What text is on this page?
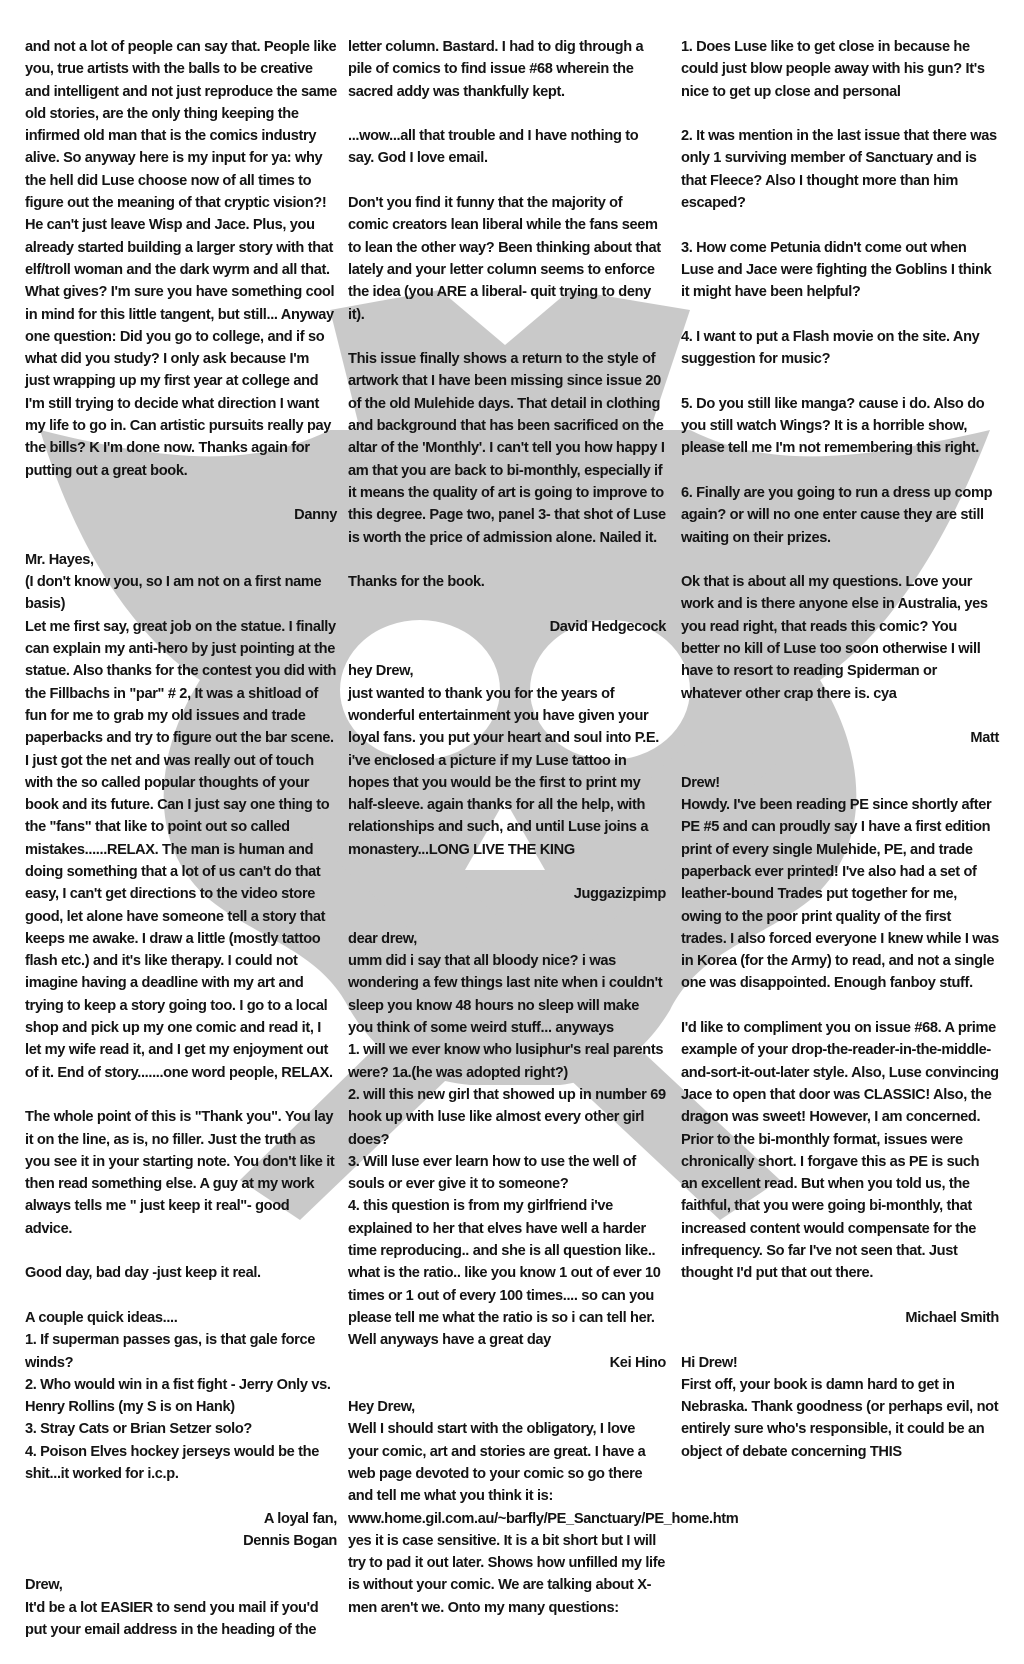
and not a lot of people can say that. People like you, true artists with the balls to be creative and intelligent and not just reproduce the same old stories, are the only thing keeping the infirmed old man that is the comics industry alive. So anyway here is my input for ya: why the hell did Luse choose now of all times to figure out the meaning of that cryptic vision?! He can't just leave Wisp and Jace. Plus, you already started building a larger story with that elf/troll woman and the dark wyrm and all that. What gives? I'm sure you have something cool in mind for this little tangent, but still... Anyway one question: Did you go to college, and if so what did you study? I only ask because I'm just wrapping up my first year at college and I'm still trying to decide what direction I want my life to go in. Can artistic pursuits really pay the bills? K I'm done now. Thanks again for putting out a great book.

Danny

Mr. Hayes,

(I don't know you, so I am not on a first name basis)
Let me first say, great job on the statue. I finally can explain my anti-hero by just pointing at the statue. Also thanks for the contest you did with the Fillbachs in "par" # 2, It was a shitload of fun for me to grab my old issues and trade paperbacks and try to figure out the bar scene. I just got the net and was really out of touch with the so called popular thoughts of your book and its future. Can I just say one thing to the "fans" that like to point out so called mistakes......RELAX. The man is human and doing something that a lot of us can't do that easy, I can't get directions to the video store good, let alone have someone tell a story that keeps me awake. I draw a little (mostly tattoo flash etc.) and it's like therapy. I could not imagine having a deadline with my art and trying to keep a story going too. I go to a local shop and pick up my one comic and read it, I let my wife read it, and I get my enjoyment out of it. End of story.......one word people, RELAX.

The whole point of this is "Thank you". You lay it on the line, as is, no filler. Just the truth as you see it in your starting note. You don't like it then read something else. A guy at my work always tells me " just keep it real"- good advice.

Good day, bad day -just keep it real.

A couple quick ideas....
1. If superman passes gas, is that gale force winds?
2. Who would win in a fist fight - Jerry Only vs. Henry Rollins (my S is on Hank)
3. Stray Cats or Brian Setzer solo?
4. Poison Elves hockey jerseys would be the shit...it worked for i.c.p.

A loyal fan,
Dennis Bogan

Drew,

It'd be a lot EASIER to send you mail if you'd put your email address in the heading of the

letter column. Bastard. I had to dig through a pile of comics to find issue #68 wherein the sacred addy was thankfully kept.

...wow...all that trouble and I have nothing to say. God I love email.

Don't you find it funny that the majority of comic creators lean liberal while the fans seem to lean the other way? Been thinking about that lately and your letter column seems to enforce the idea (you ARE a liberal- quit trying to deny it).

This issue finally shows a return to the style of artwork that I have been missing since issue 20 of the old Mulehide days. That detail in clothing and background that has been sacrificed on the altar of the 'Monthly'. I can't tell you how happy I am that you are back to bi-monthly, especially if it means the quality of art is going to improve to this degree. Page two, panel 3- that shot of Luse is worth the price of admission alone. Nailed it.

Thanks for the book.

David Hedgecock

hey Drew,

just wanted to thank you for the years of wonderful entertainment you have given your loyal fans. you put your heart and soul into P.E. i've enclosed a picture if my Luse tattoo in hopes that you would be the first to print my half-sleeve. again thanks for all the help, with relationships and such, and until Luse joins a monastery...LONG LIVE THE KING

Juggazizpimp

dear drew,

umm did i say that all bloody nice? i was wondering a few things last nite when i couldn't sleep you know 48 hours no sleep will make you think of some weird stuff... anyways
1. will we ever know who lusiphur's real parents were? 1a.(he was adopted right?)
2. will this new girl that showed up in number 69 hook up with luse like almost every other girl does?
3. Will luse ever learn how to use the well of souls or ever give it to someone?
4. this question is from my girlfriend i've explained to her that elves have well a harder time reproducing.. and she is all question like.. what is the ratio.. like you know 1 out of ever 10 times or 1 out of every 100 times.... so can you please tell me what the ratio is so i can tell her. Well anyways have a great day

Kei Hino

Hey Drew,

Well I should start with the obligatory, I love your comic, art and stories are great. I have a web page devoted to your comic so go there and tell me what you think it is:
www.home.gil.com.au/~barfly/PE_Sanctuary/PE_home.htm yes it is case sensitive. It is a bit short but I will try to pad it out later. Shows how unfilled my life is without your comic. We are talking about X-men aren't we. Onto my many questions:

1. Does Luse like to get close in because he could just blow people away with his gun? It's nice to get up close and personal

2. It was mention in the last issue that there was only 1 surviving member of Sanctuary and is that Fleece? Also I thought more than him escaped?

3. How come Petunia didn't come out when Luse and Jace were fighting the Goblins I think it might have been helpful?

4. I want to put a Flash movie on the site. Any suggestion for music?

5. Do you still like manga? cause i do. Also do you still watch Wings? It is a horrible show, please tell me I'm not remembering this right.

6. Finally are you going to run a dress up comp again? or will no one enter cause they are still waiting on their prizes.

Ok that is about all my questions. Love your work and is there anyone else in Australia, yes you read right, that reads this comic? You better no kill of Luse too soon otherwise I will have to resort to reading Spiderman or whatever other crap there is. cya

Matt

Drew!

Howdy. I've been reading PE since shortly after PE #5 and can proudly say I have a first edition print of every single Mulehide, PE, and trade paperback ever printed! I've also had a set of leather-bound Trades put together for me, owing to the poor print quality of the first trades. I also forced everyone I knew while I was in Korea (for the Army) to read, and not a single one was disappointed. Enough fanboy stuff.

I'd like to compliment you on issue #68. A prime example of your drop-the-reader-in-the-middle-and-sort-it-out-later style. Also, Luse convincing Jace to open that door was CLASSIC! Also, the dragon was sweet! However, I am concerned. Prior to the bi-monthly format, issues were chronically short. I forgave this as PE is such an excellent read. But when you told us, the faithful, that you were going bi-monthly, that increased content would compensate for the infrequency. So far I've not seen that. Just thought I'd put that out there.

Michael Smith

Hi Drew!

First off, your book is damn hard to get in Nebraska. Thank goodness (or perhaps evil, not entirely sure who's responsible, it could be an object of debate concerning THIS
